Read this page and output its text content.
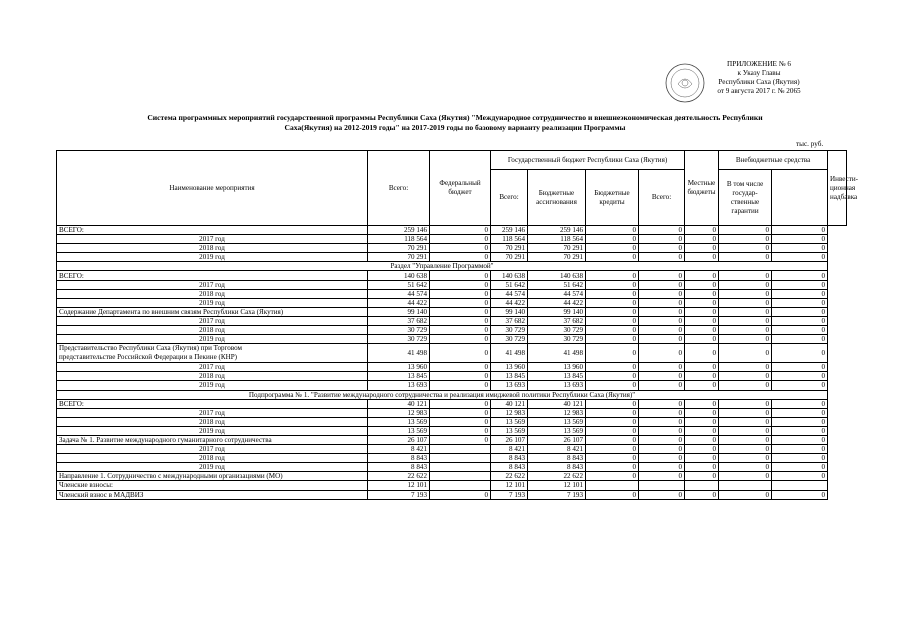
ПРИЛОЖЕНИЕ № 6
к Указу Главы
Республики Саха (Якутия)
от 9 августа 2017 г. № 2065
Система программных мероприятий государственной программы Республики Саха (Якутия) "Международное сотрудничество и внешнеэкономическая деятельность Республики
Саха(Якутия) на 2012-2019 годы" на 2017-2019 годы по базовому варианту реализации Программы
тыс. руб.
Наименование мероприятия	Всего:	Федеральный бюджет	Государственный бюджет Республики Саха (Якутия)				Местные бюджеты	Внебюджетные средства		Инвести-ционная надбавка
			Всего:	Бюджетные ассигнования	Бюджетные кредиты	Всего:		В том числе государ-ственные гарантии		
ВСЕГО:	259 146	0	259 146	259 146	0	0	0	0	0	
2017 год	118 564	0	118 564	118 564	0	0	0	0	0	
2018 год	70 291	0	70 291	70 291	0	0	0	0	0	
2019 год	70 291	0	70 291	70 291	0	0	0	0	0	
Раздел "Управление Программой"										
ВСЕГО:	140 638	0	140 638	140 638	0	0	0	0	0	
2017 год	51 642	0	51 642	51 642	0	0	0	0	0	
2018 год	44 574	0	44 574	44 574	0	0	0	0	0	
2019 год	44 422	0	44 422	44 422	0	0	0	0	0	
Содержание Департамента по внешним связям Республики Саха (Якутия)	99 140	0	99 140	99 140	0	0	0	0	0	
2017 год	37 682	0	37 682	37 682	0	0	0	0	0	
2018 год	30 729	0	30 729	30 729	0	0	0	0	0	
2019 год	30 729	0	30 729	30 729	0	0	0	0	0	

Представительство Республики Саха (Якутия) при Торговом
представительстве Российской Федерации в Пекине (КНР)	41 498	0	41 498	41 498	0	0	0	0	0	
2017 год	13 960	0	13 960	13 960	0	0	0	0	0	
2018 год	13 845	0	13 845	13 845	0	0	0	0	0	
2019 год	13 693	0	13 693	13 693	0	0	0	0	0	
Подпрограмма № 1. "Развитие международного сотрудничества и реализация имиджевой политики Республики Саха (Якутия)"										
ВСЕГО:	40 121	0	40 121	40 121	0	0	0	0	0	
2017 год	12 983	0	12 983	12 983	0	0	0	0	0	
2018 год	13 569	0	13 569	13 569	0	0	0	0	0	
2019 год	13 569	0	13 569	13 569	0	0	0	0	0	
Задача № 1. Развитие международного гуманитарного сотрудничества	26 107	0	26 107	26 107	0	0	0	0	0	
2017 год	8 421		8 421	8 421	0	0	0	0	0	
2018 год	8 843		8 843	8 843	0	0	0	0	0	
2019 год	8 843		8 843	8 843	0	0	0	0	0	
Направление 1. Сотрудничество с международными организациями (МО)	22 622		22 622	22 622	0	0	0	0	0	
Членские взносы:	12 101		12 101	12 101						
Членский взнос в МАДВИЗ	7 193	0	7 193	7 193	0	0	0	0	0	
